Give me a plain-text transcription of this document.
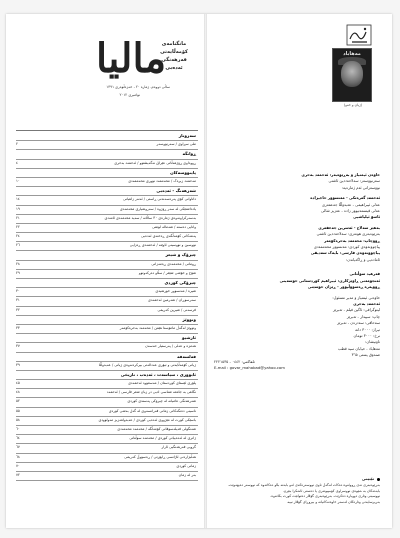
ماليا
مانگنامەی
کۆمەڵایەتی
فەرهەنگی
ئەدەبی
ساڵی دووەم، ژمارە ٢٠ ، خەزەڵوەری ١٣٩١
نوامبری ٢٠١٢
سەروتار
ملی سڕاوی / سەرنووسەر
٢
ڕوانگە
ڕووداوی ڕۆژهەڵاتی عێراق نەگەیشتوو / ئەحمەد بەحری
٤
پاینووسەکان
مەحمەد زیرەک / محەممەد نووری محەممەدی
١٠
شەرهەنگ - ئەدەبی
داتاوانی کۆی پەرەسەندنی ڕاستی / ئەنەر زاهیانی
١٤
یادداشتێکی لە سەر ڕۆژوە / سەروشیاری محەمەدی
١٩
بەسەرکراونەوەی ژمارەی ٣٠ ساڵانە / سەید محەمەدی ئامەدی
٢١
وانایی دەستە / شەمالە لوتفی
٢٢
پەنتەکانی کۆمەڵگەی ڕەخنەی ئەدەبی
٢٤
نووسین و نووسینی ئاوێتە / ئەحمەدی ڕەزایی
٢٦
چیرۆک و شیعر
ڕومانی / محەمەدی ڕەمەزانی
٢٨
شۆخ و خۆشی شێعر / سڵاو دەرکەوتوو
٢٩
چیرۆکی کوردی
شیرە / مەنسوور خورشیدی
٣٠
سەرسوڕان / شەرمین ئەحمەدی
٣١
فرسەنی / شیرین کەریمی
٣٢
وتووێژ
وتووێژ لەگەڵ مامۆستا هێمن / محەمەد بەحرەکۆمەر
٣٣
ئارشیو
هەمزە و عەلی / پەرستیار حەسەن
٣٧
فەلسەفە
ژیانی کۆمەڵایەتی و تیۆری عەدالەتی بیرکردنەوەی ژیانی / عەبدوڵڵا
٣٩
ئابووری ، سیاسەت ، ئەدەب ، تاریخی
پلۆری ئێستای کوردستان / مەسعوود ئەحمەدی
٤٥
نگاهی به جامعه شناسی ادبی در زبان شعر فارسی / ئەحمەد
٤٨
شەرهەنگی عامیانە لە چیرۆکی پەسندی کوردی
٥٢
ناسینی دەنگەکانی زمانی فەرانسەوی لە گەل بەشی کوردی
٥٥
باسێکی کورت لە مێژووی ئەدەبی کوردی / عەبدولعەزیز مەولوودی
٥٨
شەنگولی فەیلەسوفانی کۆمەڵگە / محەمەد محەمەدی
٦٠
ژانری لە ئەدەبیاتی کوردی / محەمەد سوڵتانی
٦٤
گروپی فەرهەنگیی ئارار
٦٧
هەڵبژاردنی ئاژانسی ڕاپۆرتی / ڕەسووڵ کەریمی
٦٨
زمانی کوردی
٧٠
بەر لە زمان
٧٢
مەهاباد
(ژیان و خەو)
خاوەن ئیمتیاز و بەڕێوەبەر: ئەحمەد بەحری
سەرنووسەر: سەلاحەددین ئاشتی
نووسەرانی ئەم ژمارەیە:
ئەحمەد گەرەتکی - مەنسوور حاجیزادە
عەلی ئیبراهیمی - عەبدوڵڵا جەعفەری
عەلی قیسمەتپوور زادە - عەزیز شالی
ئاسۆ ئیلیاشیی
بەهێز سەلاح - ئەسرین جەعفەری
بەرێوەبەری هونەری: سەلاحەددین ئاشتی
ڕووچاپ: محەمەد بەحرەکۆمەر
پیاچوونەوەی کوردی: مەنسوور محەممەدی
پیاچوونەوەی فارسی: بایەک سەدیقی
ئامادەیی و ڕاگەیاندن:
فەرهید سوڵتانی
ئەنجومەنی ڕاوێژکاری: ئیبراهیم کوردستانی حوسەینی
ڕووپەرە ڕەسووڵپوور - ڕێزان حوسێنی
خاوەنی ئیمتیاز و مدیر مسئول:
ئەحمەد بەحری
لیتوگرافی: ئاگین فیلم - تەبرێز
چاپ: سپیدار - تەبرێز
سەحافی: سەدرەن - تەبرێز
تیراژ: ٣٠٠٠ دانە
نرخ: ٣٠٠٠ تومان
ناونیشان:
مەهاباد - خیابان سید قطب
صندوق پستی ٣٦٥
تلفاکس: ٠٤٤٢ - ٢٢٢١٥٣٥
E-mail : govar_mahabad@yahoo.com
تێبینی
بەڕێوەبەری نەی ڕووئەوە دەکات لەگەڵ ناوی نووسەرەکەی ئەو بابەتە بڵاو دەکاتەوە کە نووسەر دەیهەوێت.
بابەتەکان بە شێوەی نووسراوی کۆمپیوتەری یا دەستی ئاشکرا بنێرن.
نووسینی وتاری دووبارە دەکرێت. بەڕێوەبەری گۆڤار دەتوانێت کورت بکاتەوە.
بەرپرسایەتی وتارەکان لەسەر خاوەنەکانیانە و بیروڕای گۆڤار نییە.
